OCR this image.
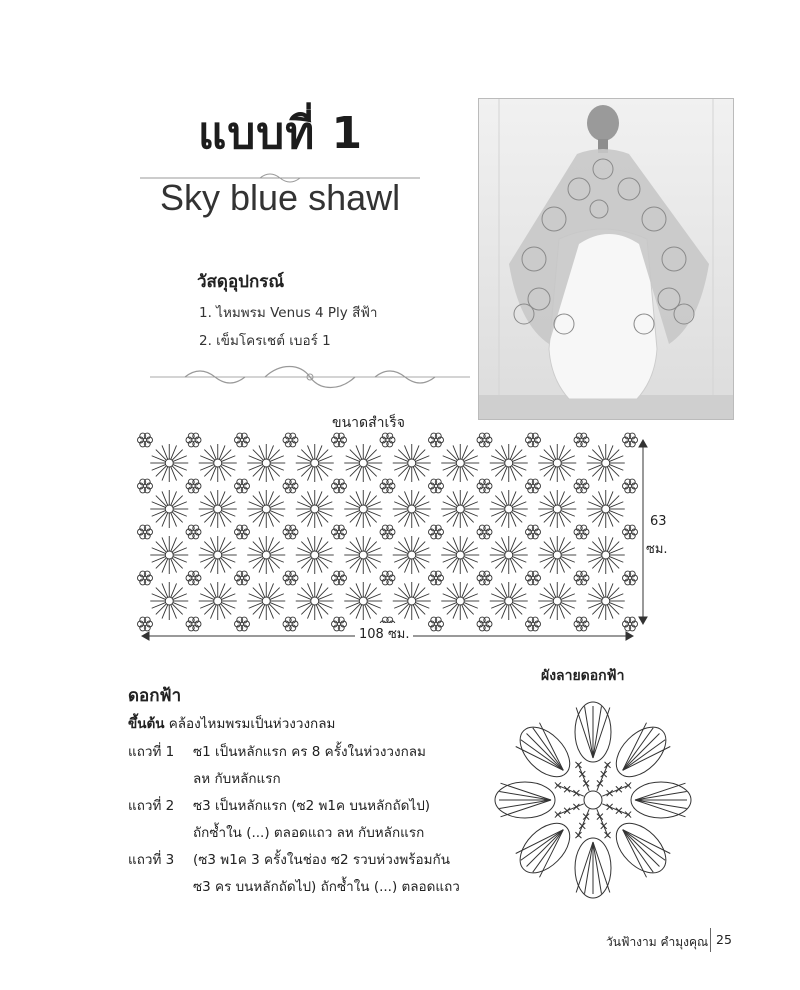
แบบที่ 1
Sky blue shawl
วัสดุอุปกรณ์
1. ไหมพรม Venus 4 Ply สีฟ้า
2. เข็มโครเชต์ เบอร์ 1
ขนาดสำเร็จ
108 ซม.
63
ซม.
ผังลายดอกฟ้า
ดอกฟ้า
ขึ้นต้น คล้องไหมพรมเป็นห่วงวงกลม
แถวที่ 1 ซ1 เป็นหลักแรก คร 8 ครั้งในห่วงวงกลม
ลห กับหลักแรก
แถวที่ 2 ซ3 เป็นหลักแรก (ซ2 พ1ค บนหลักถัดไป)
ถักซ้ำใน (...) ตลอดแถว ลห กับหลักแรก
แถวที่ 3 (ซ3 พ1ค 3 ครั้งในช่อง ซ2 รวบห่วงพร้อมกัน
ซ3 คร บนหลักถัดไป) ถักซ้ำใน (...) ตลอดแถว
วันฟ้างาม คำมุงคุณ 25
